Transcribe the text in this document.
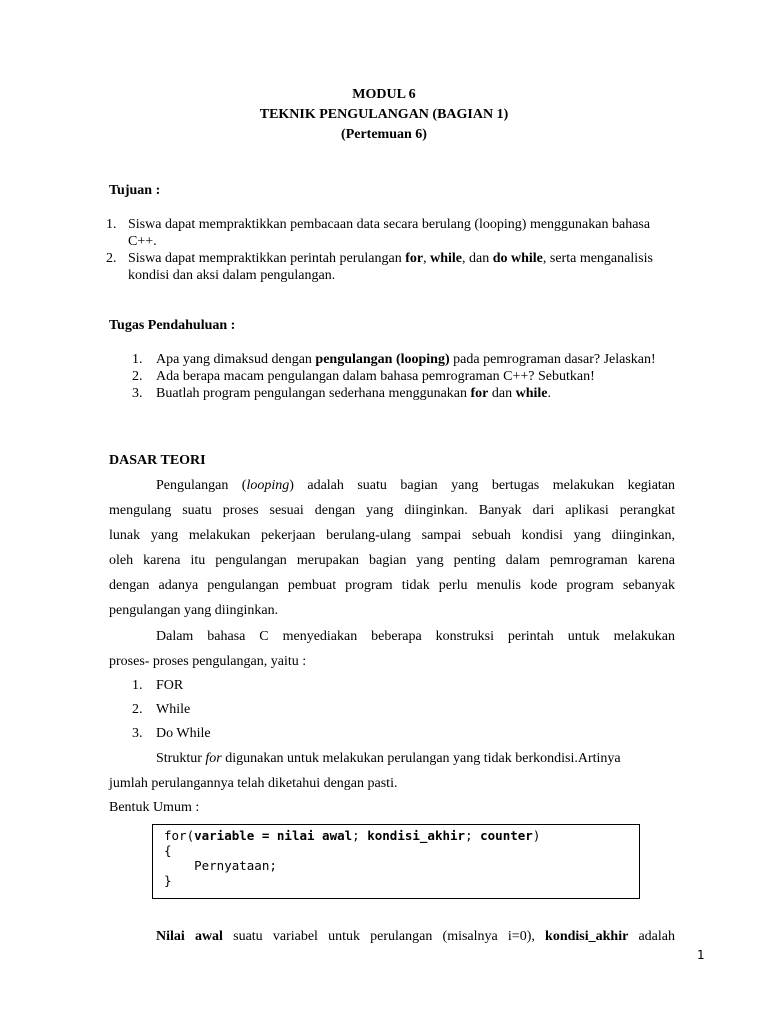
MODUL 6
TEKNIK PENGULANGAN (BAGIAN 1)
(Pertemuan 6)
Tujuan :
1. Siswa dapat mempraktikkan pembacaan data secara berulang (looping) menggunakan bahasa
C++.
2. Siswa dapat mempraktikkan perintah perulangan for, while, dan do while, serta menganalisis
kondisi dan aksi dalam pengulangan.
Tugas Pendahuluan :
1. Apa yang dimaksud dengan pengulangan (looping) pada pemrograman dasar? Jelaskan!
2. Ada berapa macam pengulangan dalam bahasa pemrograman C++? Sebutkan!
3. Buatlah program pengulangan sederhana menggunakan for dan while.
DASAR TEORI
Pengulangan (looping) adalah suatu bagian yang bertugas melakukan kegiatan
mengulang suatu proses sesuai dengan yang diinginkan. Banyak dari aplikasi perangkat
lunak yang melakukan pekerjaan berulang-ulang sampai sebuah kondisi yang diinginkan,
oleh karena itu pengulangan merupakan bagian yang penting dalam pemrograman karena
dengan adanya pengulangan pembuat program tidak perlu menulis kode program sebanyak
pengulangan yang diinginkan.
Dalam bahasa C menyediakan beberapa konstruksi perintah untuk melakukan
proses- proses pengulangan, yaitu :
1. FOR
2. While
3. Do While
Struktur for digunakan untuk melakukan perulangan yang tidak berkondisi.Artinya
jumlah perulangannya telah diketahui dengan pasti.
Bentuk Umum :
for(variable = nilai awal; kondisi_akhir; counter)
{
Pernyataan;
}
Nilai awal suatu variabel untuk perulangan (misalnya i=0), kondisi_akhir adalah
1
